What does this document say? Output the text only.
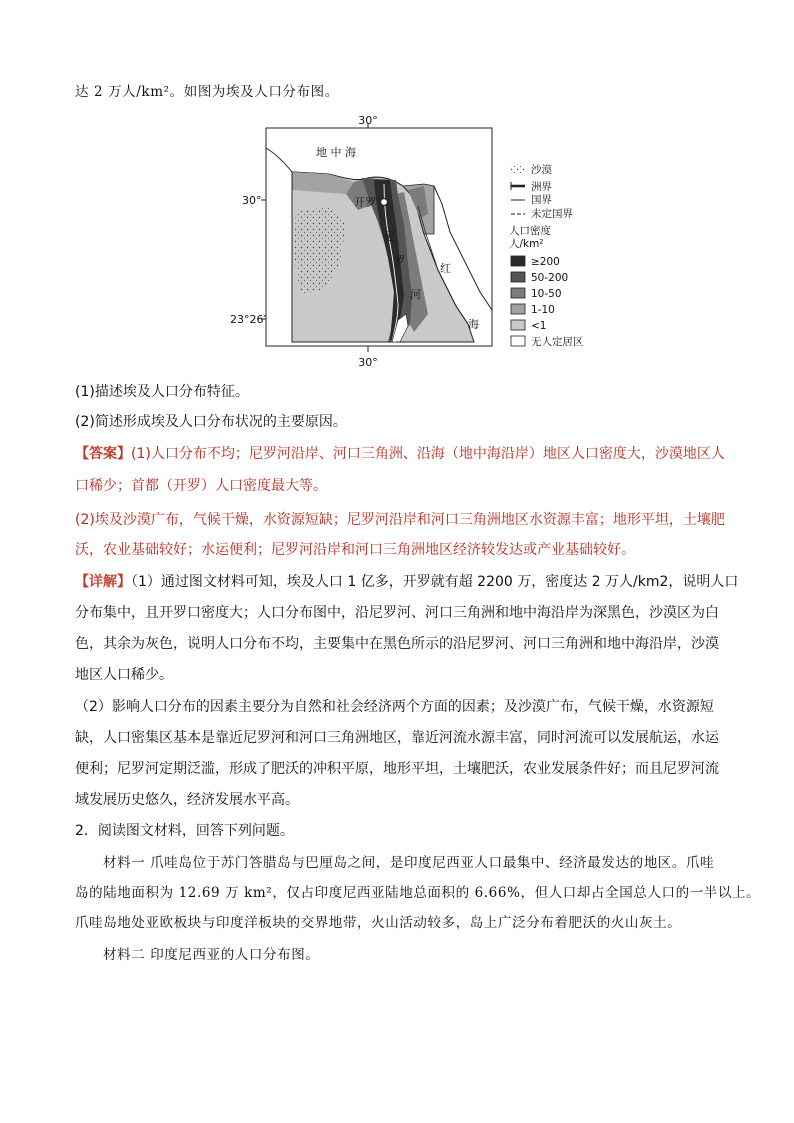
达 2 万人/km²。如图为埃及人口分布图。
30°
30°
30°
23°26′
地 中 海
开罗
尼
罗
河
红
海
沙漠
洲界
国界
未定国界
人口密度
人/km²
≥200
50-200
10-50
1-10
<1
无人定居区
(1)描述埃及人口分布特征。
(2)简述形成埃及人口分布状况的主要原因。
【答案】(1)人口分布不均；尼罗河沿岸、河口三角洲、沿海（地中海沿岸）地区人口密度大，沙漠地区人
口稀少；首都（开罗）人口密度最大等。
(2)埃及沙漠广布，气候干燥，水资源短缺；尼罗河沿岸和河口三角洲地区水资源丰富；地形平坦，土壤肥
沃，农业基础较好；水运便利；尼罗河沿岸和河口三角洲地区经济较发达或产业基础较好。
【详解】（1）通过图文材料可知，埃及人口 1 亿多，开罗就有超 2200 万，密度达 2 万人/km2，说明人口
分布集中，且开罗口密度大；人口分布图中，沿尼罗河、河口三角洲和地中海沿岸为深黑色，沙漠区为白
色，其余为灰色，说明人口分布不均，主要集中在黑色所示的沿尼罗河、河口三角洲和地中海沿岸，沙漠
地区人口稀少。
（2）影响人口分布的因素主要分为自然和社会经济两个方面的因素；及沙漠广布，气候干燥，水资源短
缺，人口密集区基本是靠近尼罗河和河口三角洲地区，靠近河流水源丰富，同时河流可以发展航运，水运
便利；尼罗河定期泛滥，形成了肥沃的冲积平原，地形平坦，土壤肥沃，农业发展条件好；而且尼罗河流
域发展历史悠久，经济发展水平高。
2．阅读图文材料，回答下列问题。
材料一 爪哇岛位于苏门答腊岛与巴厘岛之间，是印度尼西亚人口最集中、经济最发达的地区。爪哇
岛的陆地面积为 12.69 万 km²，仅占印度尼西亚陆地总面积的 6.66%，但人口却占全国总人口的一半以上。
爪哇岛地处亚欧板块与印度洋板块的交界地带，火山活动较多，岛上广泛分布着肥沃的火山灰土。
材料二 印度尼西亚的人口分布图。
